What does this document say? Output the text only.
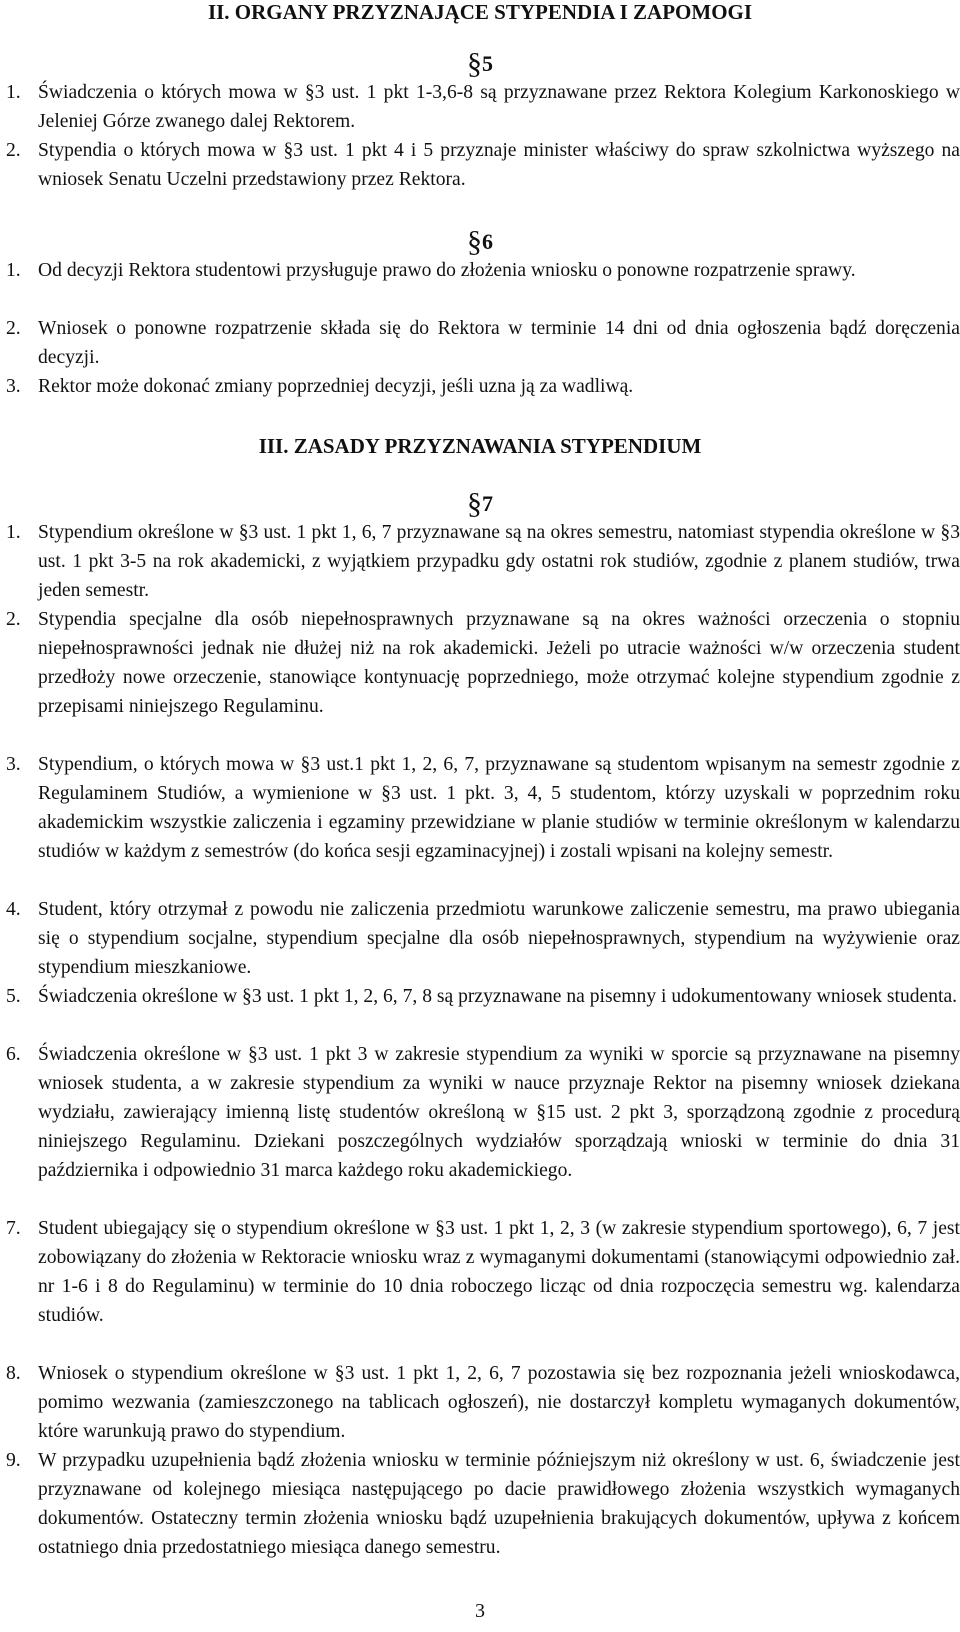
II. ORGANY PRZYZNAJĄCE STYPENDIA I ZAPOMOGI
§5
1. Świadczenia o których mowa w §3 ust. 1 pkt 1-3,6-8 są przyznawane przez Rektora Kolegium Karkonoskiego w Jeleniej Górze zwanego dalej Rektorem.
2. Stypendia o których mowa w §3 ust. 1 pkt 4 i 5 przyznaje minister właściwy do spraw szkolnictwa wyższego na wniosek Senatu Uczelni przedstawiony przez Rektora.
§6
1. Od decyzji Rektora studentowi przysługuje prawo do złożenia wniosku o ponowne rozpatrzenie sprawy.
2. Wniosek o ponowne rozpatrzenie składa się do Rektora w terminie 14 dni od dnia ogłoszenia bądź doręczenia decyzji.
3. Rektor może dokonać zmiany poprzedniej decyzji, jeśli uzna ją za wadliwą.
III. ZASADY PRZYZNAWANIA STYPENDIUM
§7
1. Stypendium określone w §3 ust. 1 pkt 1, 6, 7 przyznawane są na okres semestru, natomiast stypendia określone w §3 ust. 1 pkt 3-5 na rok akademicki, z wyjątkiem przypadku gdy ostatni rok studiów, zgodnie z planem studiów, trwa jeden semestr.
2. Stypendia specjalne dla osób niepełnosprawnych przyznawane są na okres ważności orzeczenia o stopniu niepełnosprawności jednak nie dłużej niż na rok akademicki. Jeżeli po utracie ważności w/w orzeczenia student przedłoży nowe orzeczenie, stanowiące kontynuację poprzedniego, może otrzymać kolejne stypendium zgodnie z przepisami niniejszego Regulaminu.
3. Stypendium, o których mowa w §3 ust.1 pkt 1, 2, 6, 7, przyznawane są studentom wpisanym na semestr zgodnie z Regulaminem Studiów, a wymienione w §3 ust. 1 pkt. 3, 4, 5 studentom, którzy uzyskali w poprzednim roku akademickim wszystkie zaliczenia i egzaminy przewidziane w planie studiów w terminie określonym w kalendarzu studiów w każdym z semestrów (do końca sesji egzaminacyjnej) i zostali wpisani na kolejny semestr.
4. Student, który otrzymał z powodu nie zaliczenia przedmiotu warunkowe zaliczenie semestru, ma prawo ubiegania się o stypendium socjalne, stypendium specjalne dla osób niepełnosprawnych, stypendium na wyżywienie oraz stypendium mieszkaniowe.
5. Świadczenia określone w §3 ust. 1 pkt 1, 2, 6, 7, 8 są przyznawane na pisemny i udokumentowany wniosek studenta.
6. Świadczenia określone w §3 ust. 1 pkt 3 w zakresie stypendium za wyniki w sporcie są przyznawane na pisemny wniosek studenta, a w zakresie stypendium za wyniki w nauce przyznaje Rektor na pisemny wniosek dziekana wydziału, zawierający imienną listę studentów określoną w §15 ust. 2 pkt 3, sporządzoną zgodnie z procedurą niniejszego Regulaminu. Dziekani poszczególnych wydziałów sporządzają wnioski w terminie do dnia 31 października i odpowiednio 31 marca każdego roku akademickiego.
7. Student ubiegający się o stypendium określone w §3 ust. 1 pkt 1, 2, 3 (w zakresie stypendium sportowego), 6, 7 jest zobowiązany do złożenia w Rektoracie wniosku wraz z wymaganymi dokumentami (stanowiącymi odpowiednio zał. nr 1-6 i 8 do Regulaminu) w terminie do 10 dnia roboczego licząc od dnia rozpoczęcia semestru wg. kalendarza studiów.
8. Wniosek o stypendium określone w §3 ust. 1 pkt 1, 2, 6, 7 pozostawia się bez rozpoznania jeżeli wnioskodawca, pomimo wezwania (zamieszczonego na tablicach ogłoszeń), nie dostarczył kompletu wymaganych dokumentów, które warunkują prawo do stypendium.
9. W przypadku uzupełnienia bądź złożenia wniosku w terminie późniejszym niż określony w ust. 6, świadczenie jest przyznawane od kolejnego miesiąca następującego po dacie prawidłowego złożenia wszystkich wymaganych dokumentów. Ostateczny termin złożenia wniosku bądź uzupełnienia brakujących dokumentów, upływa z końcem ostatniego dnia przedostatniego miesiąca danego semestru.
3
